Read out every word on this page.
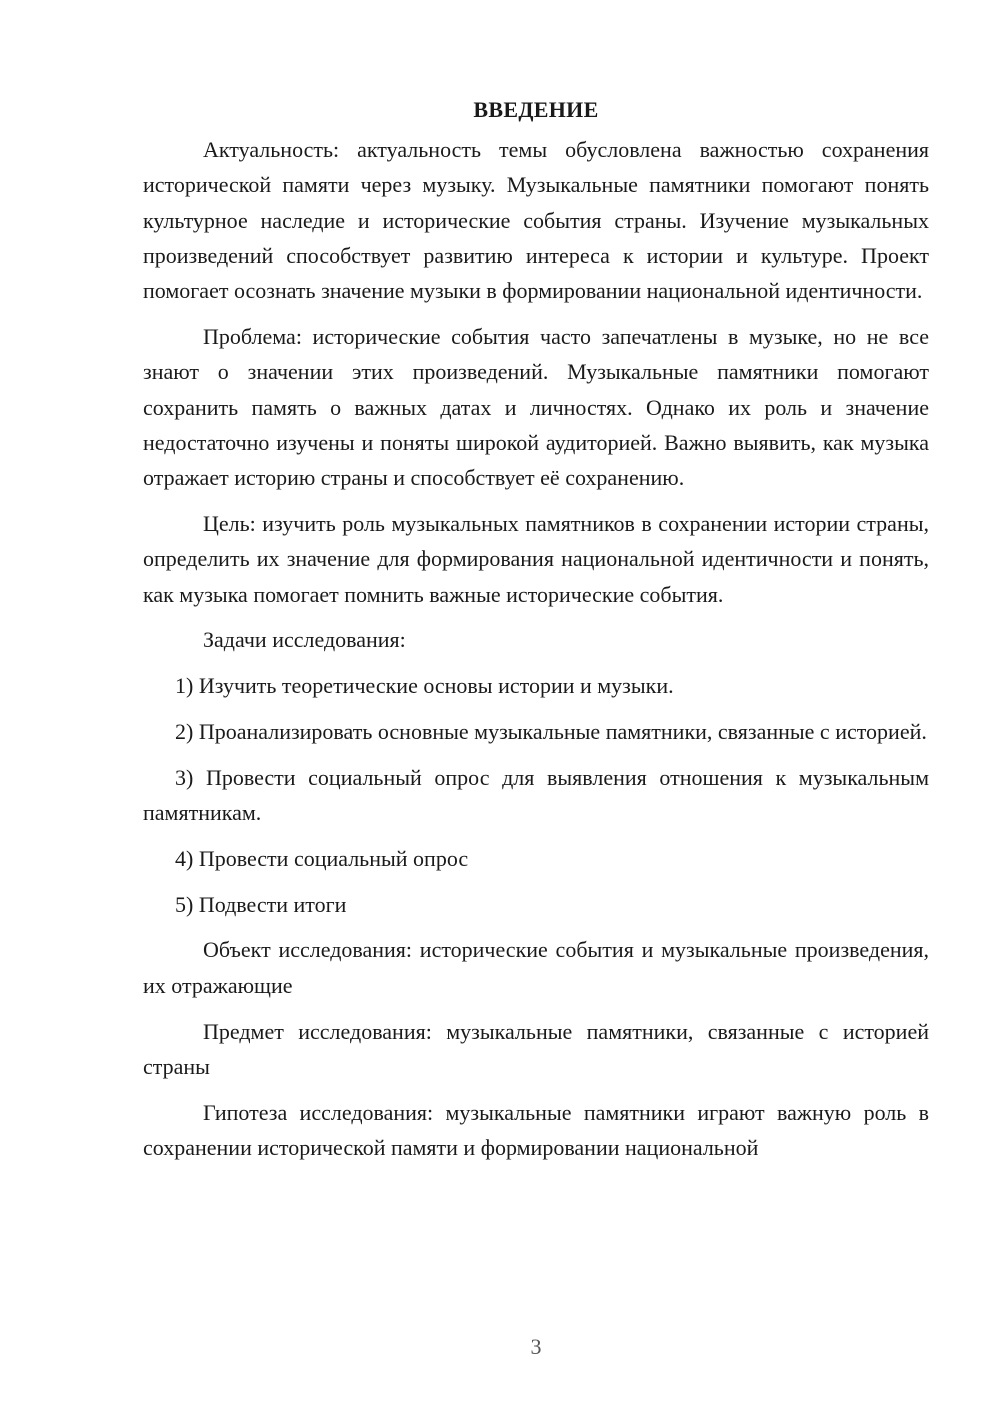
ВВЕДЕНИЕ

Актуальность: актуальность темы обусловлена важностью сохранения исторической памяти через музыку. Музыкальные памятники помогают понять культурное наследие и исторические события страны. Изучение музыкальных произведений способствует развитию интереса к истории и культуре. Проект помогает осознать значение музыки в формировании национальной идентичности.

Проблема: исторические события часто запечатлены в музыке, но не все знают о значении этих произведений. Музыкальные памятники помогают сохранить память о важных датах и личностях. Однако их роль и значение недостаточно изучены и поняты широкой аудиторией. Важно выявить, как музыка отражает историю страны и способствует её сохранению.

Цель: изучить роль музыкальных памятников в сохранении истории страны, определить их значение для формирования национальной идентичности и понять, как музыка помогает помнить важные исторические события.

Задачи исследования:

1) Изучить теоретические основы истории и музыки.

2) Проанализировать основные музыкальные памятники, связанные с историей.

3) Провести социальный опрос для выявления отношения к музыкальным памятникам.

4) Провести социальный опрос

5) Подвести итоги

Объект исследования: исторические события и музыкальные произведения, их отражающие

Предмет исследования: музыкальные памятники, связанные с историей страны

Гипотеза исследования: музыкальные памятники играют важную роль в сохранении исторической памяти и формировании национальной

3
